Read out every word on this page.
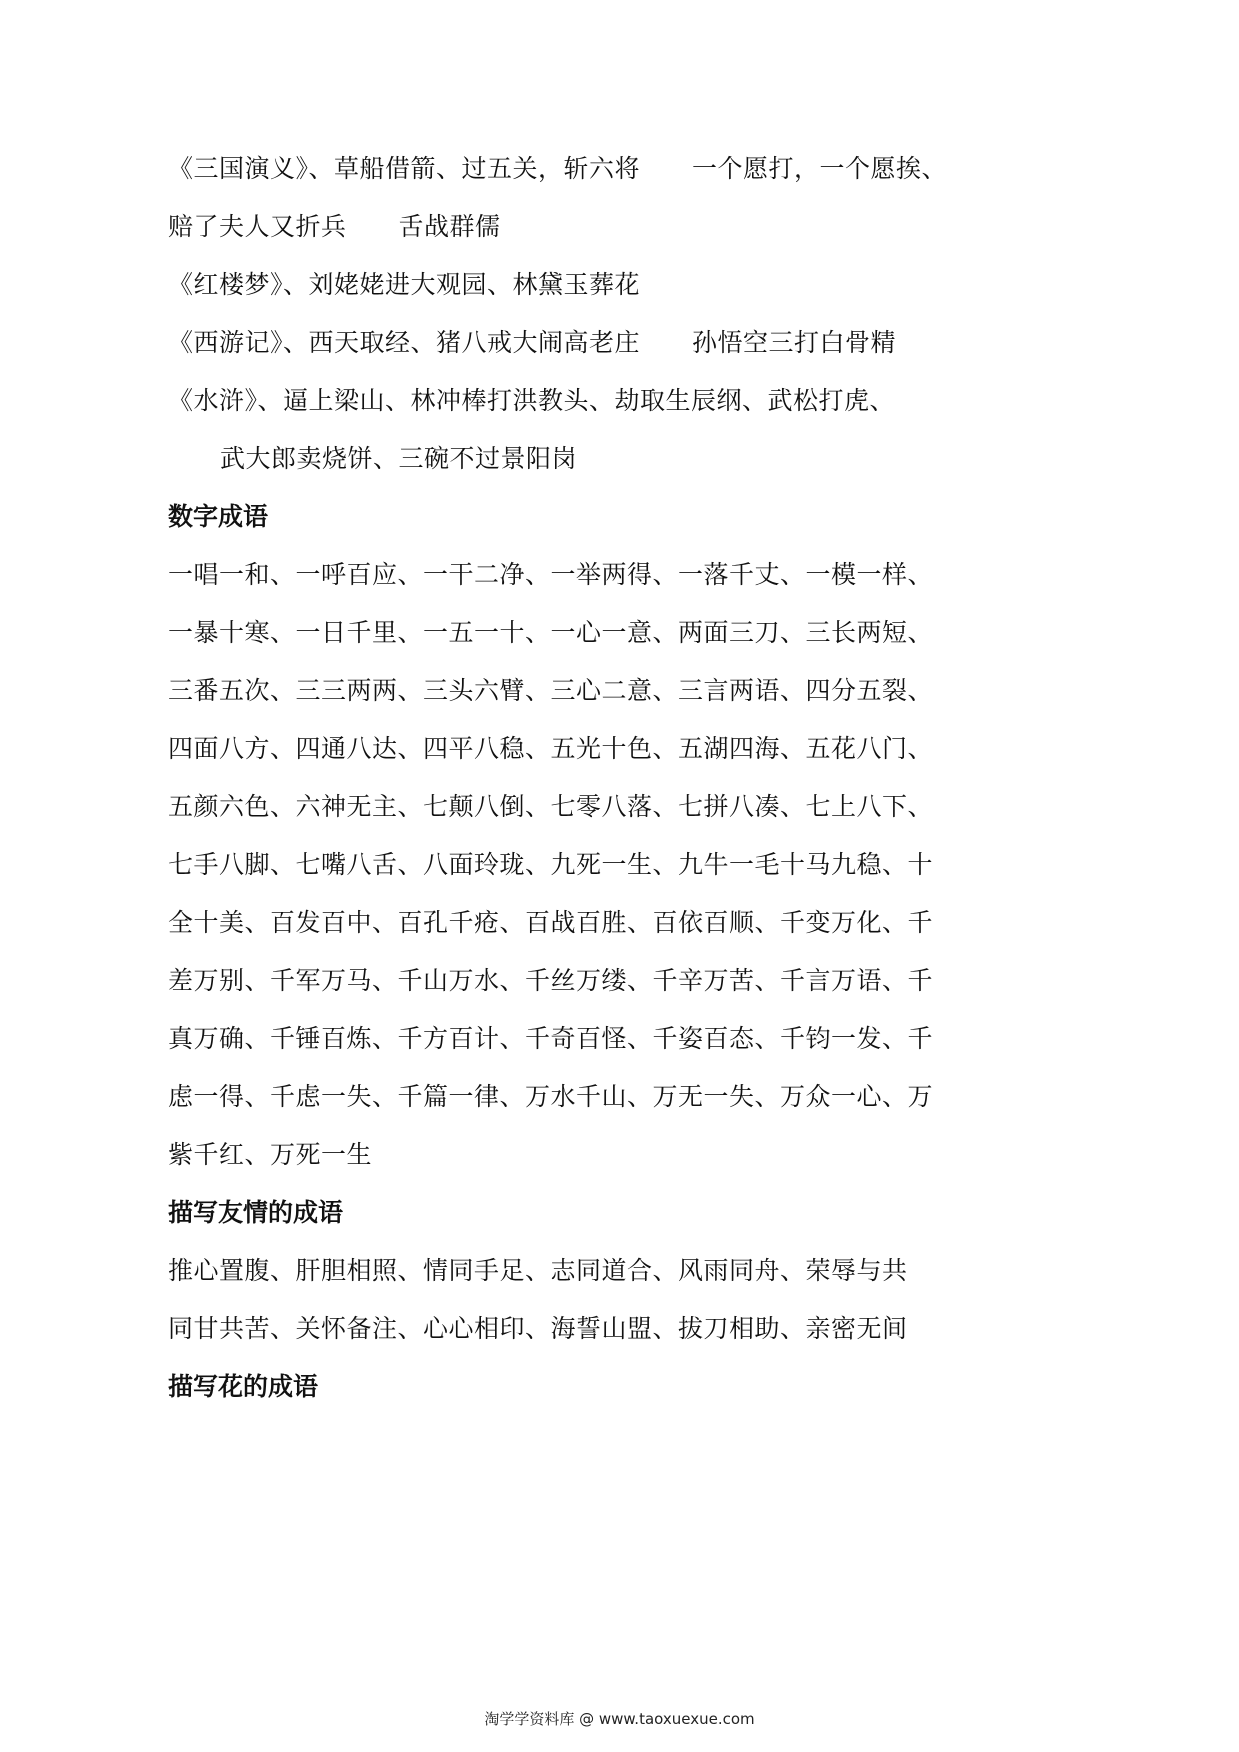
《三国演义》、草船借箭、过五关，斩六将 一个愿打，一个愿挨、
赔了夫人又折兵 舌战群儒
《红楼梦》、刘姥姥进大观园、林黛玉葬花
《西游记》、西天取经、猪八戒大闹高老庄 孙悟空三打白骨精
《水浒》、逼上梁山、林冲棒打洪教头、劫取生辰纲、武松打虎、
武大郎卖烧饼、三碗不过景阳岗
数字成语
一唱一和、一呼百应、一干二净、一举两得、一落千丈、一模一样、
一暴十寒、一日千里、一五一十、一心一意、两面三刀、三长两短、
三番五次、三三两两、三头六臂、三心二意、三言两语、四分五裂、
四面八方、四通八达、四平八稳、五光十色、五湖四海、五花八门、
五颜六色、六神无主、七颠八倒、七零八落、七拼八凑、七上八下、
七手八脚、七嘴八舌、八面玲珑、九死一生、九牛一毛十马九稳、十
全十美、百发百中、百孔千疮、百战百胜、百依百顺、千变万化、千
差万别、千军万马、千山万水、千丝万缕、千辛万苦、千言万语、千
真万确、千锤百炼、千方百计、千奇百怪、千姿百态、千钧一发、千
虑一得、千虑一失、千篇一律、万水千山、万无一失、万众一心、万
紫千红、万死一生
描写友情的成语
推心置腹、肝胆相照、情同手足、志同道合、风雨同舟、荣辱与共
同甘共苦、关怀备注、心心相印、海誓山盟、拔刀相助、亲密无间
描写花的成语
淘学学资料库 @ www.taoxuexue.com
